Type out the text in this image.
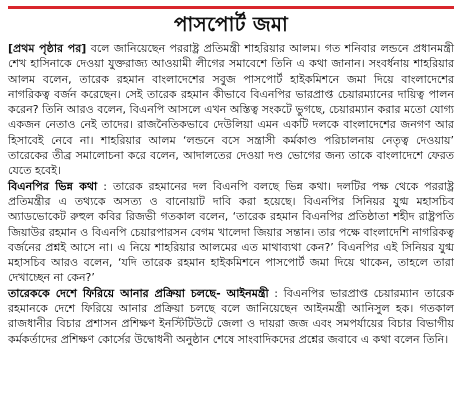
পাসপোর্ট জমা

[প্রথম পৃষ্ঠার পর] বলে জানিয়েছেন পররাষ্ট্র প্রতিমন্ত্রী শাহরিয়ার আলম। গত শনিবার লন্ডনে প্রধানমন্ত্রী শেখ হাসিনাকে দেওয়া যুক্তরাজ্য আওয়ামী লীগের সমাবেশে তিনি এ কথা জানান। সংবর্ধনায় শাহরিয়ার আলম বলেন, তারেক রহমান বাংলাদেশের সবুজ পাসপোর্ট হাইকমিশনে জমা দিয়ে বাংলাদেশের নাগরিকত্ব বর্জন করেছেন। সেই তারেক রহমান কীভাবে বিএনপির ভারপ্রাপ্ত চেয়ারম্যানের দায়িত্ব পালন করেন? তিনি আরও বলেন, বিএনপি আসলে এখন অস্তিত্ব সংকটে ভুগছে, চেয়ারম্যান করার মতো যোগ্য একজন নেতাও নেই তাদের। রাজনৈতিকভাবে দেউলিয়া এমন একটি দলকে বাংলাদেশের জনগণ আর হিসাবেই নেবে না। শাহরিয়ার আলম ‘লন্ডনে বসে সন্ত্রাসী কর্মকাণ্ড পরিচালনায় নেতৃত্ব দেওয়ায়’ তারেকের তীব্র সমালোচনা করে বলেন, আদালতের দেওয়া দণ্ড ভোগের জন্য তাকে বাংলাদেশে ফেরত যেতে হবেই।

বিএনপির ভিন্ন কথা : তারেক রহমানের দল বিএনপি বলছে ভিন্ন কথা। দলটির পক্ষ থেকে পররাষ্ট্র প্রতিমন্ত্রীর এ তথ্যকে অসত্য ও বানোয়াট দাবি করা হয়েছে। বিএনপির সিনিয়র যুগ্ম মহাসচিব অ্যাডভোকেট রুহুল কবির রিজভী গতকাল বলেন, ‘তারেক রহমান বিএনপির প্রতিষ্ঠাতা শহীদ রাষ্ট্রপতি জিয়াউর রহমান ও বিএনপি চেয়ারপারসন বেগম খালেদা জিয়ার সন্তান। তার পক্ষে বাংলাদেশি নাগরিকত্ব বর্জনের প্রশ্নই আসে না। এ নিয়ে শাহরিয়ার আলমের এত মাথাব্যথা কেন?’ বিএনপির এই সিনিয়র যুগ্ম মহাসচিব আরও বলেন, ‘যদি তারেক রহমান হাইকমিশনে পাসপোর্ট জমা দিয়ে থাকেন, তাহলে তারা দেখাচ্ছেন না কেন?’

তারেককে দেশে ফিরিয়ে আনার প্রক্রিয়া চলছে- আইনমন্ত্রী : বিএনপির ভারপ্রাপ্ত চেয়ারম্যান তারেক রহমানকে দেশে ফিরিয়ে আনার প্রক্রিয়া চলছে বলে জানিয়েছেন আইনমন্ত্রী আনিসুল হক। গতকাল রাজধানীর বিচার প্রশাসন প্রশিক্ষণ ইনস্টিটিউটে জেলা ও দায়রা জজ এবং সমপর্যায়ের বিচার বিভাগীয় কর্মকর্তাদের প্রশিক্ষণ কোর্সের উদ্বোধনী অনুষ্ঠান শেষে সাংবাদিকদের প্রশ্নের জবাবে এ কথা বলেন তিনি।
